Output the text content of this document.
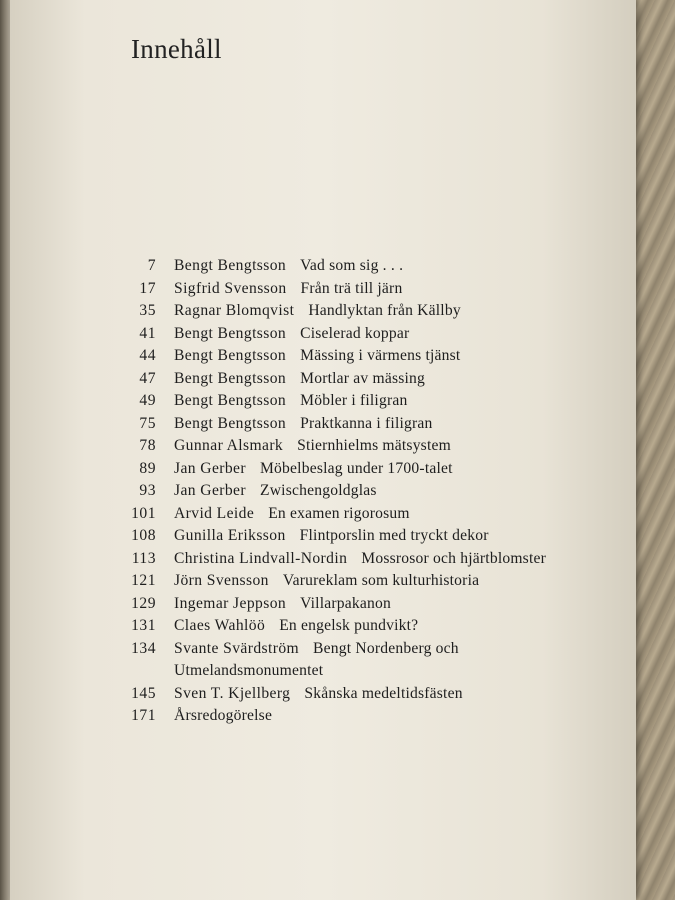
Innehåll
7	Bengt Bengtsson Vad som sig . . .
17	Sigfrid Svensson Från trä till järn
35	Ragnar Blomqvist Handlyktan från Källby
41	Bengt Bengtsson Ciselerad koppar
44	Bengt Bengtsson Mässing i värmens tjänst
47	Bengt Bengtsson Mortlar av mässing
49	Bengt Bengtsson Möbler i filigran
75	Bengt Bengtsson Praktkanna i filigran
78	Gunnar Alsmark Stiernhielms mätsystem
89	Jan Gerber Möbelbeslag under 1700-talet
93	Jan Gerber Zwischengoldglas
101	Arvid Leide En examen rigorosum
108	Gunilla Eriksson Flintporslin med tryckt dekor
113	Christina Lindvall-Nordin Mossrosor och hjärtblomster
121	Jörn Svensson Varureklam som kulturhistoria
129	Ingemar Jeppson Villarpakanon
131	Claes Wahlöö En engelsk pundvikt?
134	Svante Svärdström Bengt Nordenberg och Utmelandsmonumentet
145	Sven T. Kjellberg Skånska medeltidsfästen
171	Årsredogörelse
